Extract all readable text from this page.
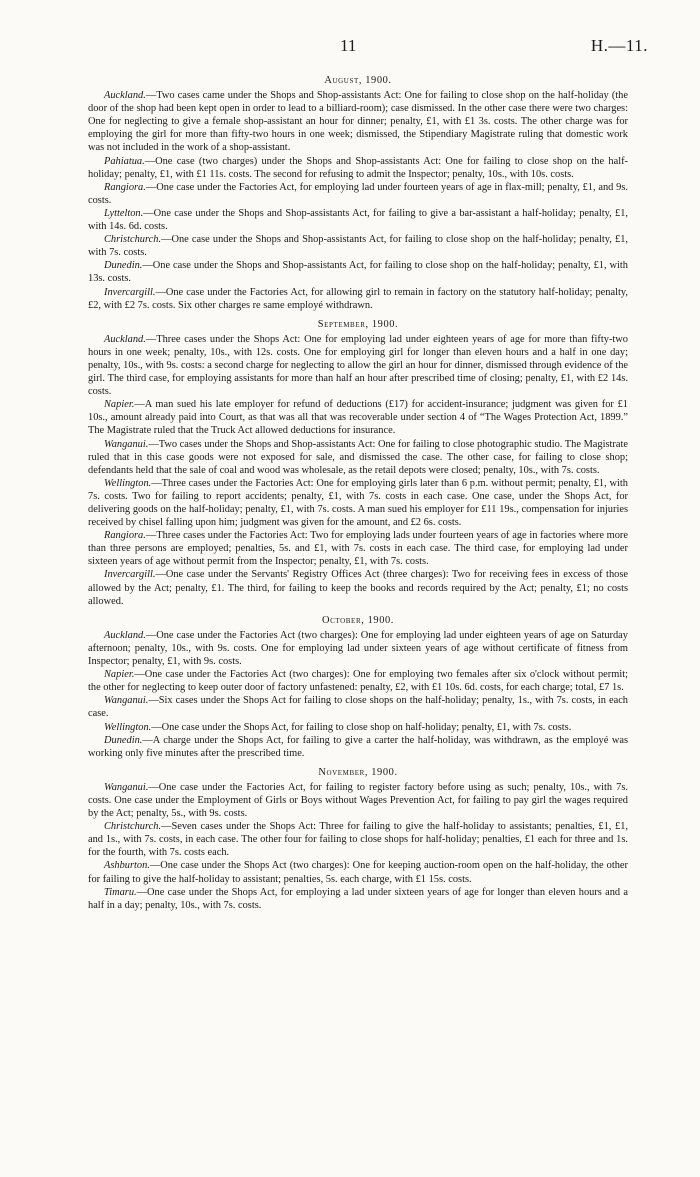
11	H.—11.
August, 1900.

Auckland.—Two cases came under the Shops and Shop-assistants Act: One for failing to close shop on the half-holiday (the door of the shop had been kept open in order to lead to a billiard-room); case dismissed. In the other case there were two charges: One for neglecting to give a female shop-assistant an hour for dinner; penalty, £1, with £1 3s. costs. The other charge was for employing the girl for more than fifty-two hours in one week; dismissed, the Stipendiary Magistrate ruling that domestic work was not included in the work of a shop-assistant.

Pahiatua.—One case (two charges) under the Shops and Shop-assistants Act: One for failing to close shop on the half-holiday; penalty, £1, with £1 11s. costs. The second for refusing to admit the Inspector; penalty, 10s., with 10s. costs.

Rangiora.—One case under the Factories Act, for employing lad under fourteen years of age in flax-mill; penalty, £1, and 9s. costs.

Lyttelton.—One case under the Shops and Shop-assistants Act, for failing to give a bar-assistant a half-holiday; penalty, £1, with 14s. 6d. costs.

Christchurch.—One case under the Shops and Shop-assistants Act, for failing to close shop on the half-holiday; penalty, £1, with 7s. costs.

Dunedin.—One case under the Shops and Shop-assistants Act, for failing to close shop on the half-holiday; penalty, £1, with 13s. costs.

Invercargill.—One case under the Factories Act, for allowing girl to remain in factory on the statutory half-holiday; penalty, £2, with £2 7s. costs. Six other charges re same employé withdrawn.

September, 1900.

Auckland.—Three cases under the Shops Act: One for employing lad under eighteen years of age for more than fifty-two hours in one week; penalty, 10s., with 12s. costs. One for employing girl for longer than eleven hours and a half in one day; penalty, 10s., with 9s. costs: a second charge for neglecting to allow the girl an hour for dinner, dismissed through evidence of the girl. The third case, for employing assistants for more than half an hour after prescribed time of closing; penalty, £1, with £2 14s. costs.

Napier.—A man sued his late employer for refund of deductions (£17) for accident-insurance; judgment was given for £1 10s., amount already paid into Court, as that was all that was recoverable under section 4 of “The Wages Protection Act, 1899.” The Magistrate ruled that the Truck Act allowed deductions for insurance.

Wanganui.—Two cases under the Shops and Shop-assistants Act: One for failing to close photographic studio. The Magistrate ruled that in this case goods were not exposed for sale, and dismissed the case. The other case, for failing to close shop; defendants held that the sale of coal and wood was wholesale, as the retail depots were closed; penalty, 10s., with 7s. costs.

Wellington.—Three cases under the Factories Act: One for employing girls later than 6 p.m. without permit; penalty, £1, with 7s. costs. Two for failing to report accidents; penalty, £1, with 7s. costs in each case. One case, under the Shops Act, for delivering goods on the half-holiday; penalty, £1, with 7s. costs. A man sued his employer for £11 19s., compensation for injuries received by chisel falling upon him; judgment was given for the amount, and £2 6s. costs.

Rangiora.—Three cases under the Factories Act: Two for employing lads under fourteen years of age in factories where more than three persons are employed; penalties, 5s. and £1, with 7s. costs in each case. The third case, for employing lad under sixteen years of age without permit from the Inspector; penalty, £1, with 7s. costs.

Invercargill.—One case under the Servants' Registry Offices Act (three charges): Two for receiving fees in excess of those allowed by the Act; penalty, £1. The third, for failing to keep the books and records required by the Act; penalty, £1; no costs allowed.

October, 1900.

Auckland.—One case under the Factories Act (two charges): One for employing lad under eighteen years of age on Saturday afternoon; penalty, 10s., with 9s. costs. One for employing lad under sixteen years of age without certificate of fitness from Inspector; penalty, £1, with 9s. costs.

Napier.—One case under the Factories Act (two charges): One for employing two females after six o'clock without permit; the other for neglecting to keep outer door of factory unfastened: penalty, £2, with £1 10s. 6d. costs, for each charge; total, £7 1s.

Wanganui.—Six cases under the Shops Act for failing to close shops on the half-holiday; penalty, 1s., with 7s. costs, in each case.

Wellington.—One case under the Shops Act, for failing to close shop on half-holiday; penalty, £1, with 7s. costs.

Dunedin.—A charge under the Shops Act, for failing to give a carter the half-holiday, was withdrawn, as the employé was working only five minutes after the prescribed time.

November, 1900.

Wanganui.—One case under the Factories Act, for failing to register factory before using as such; penalty, 10s., with 7s. costs. One case under the Employment of Girls or Boys without Wages Prevention Act, for failing to pay girl the wages required by the Act; penalty, 5s., with 9s. costs.

Christchurch.—Seven cases under the Shops Act: Three for failing to give the half-holiday to assistants; penalties, £1, £1, and 1s., with 7s. costs, in each case. The other four for failing to close shops for half-holiday; penalties, £1 each for three and 1s. for the fourth, with 7s. costs each.

Ashburton.—One case under the Shops Act (two charges): One for keeping auction-room open on the half-holiday, the other for failing to give the half-holiday to assistant; penalties, 5s. each charge, with £1 15s. costs.

Timaru.—One case under the Shops Act, for employing a lad under sixteen years of age for longer than eleven hours and a half in a day; penalty, 10s., with 7s. costs.
